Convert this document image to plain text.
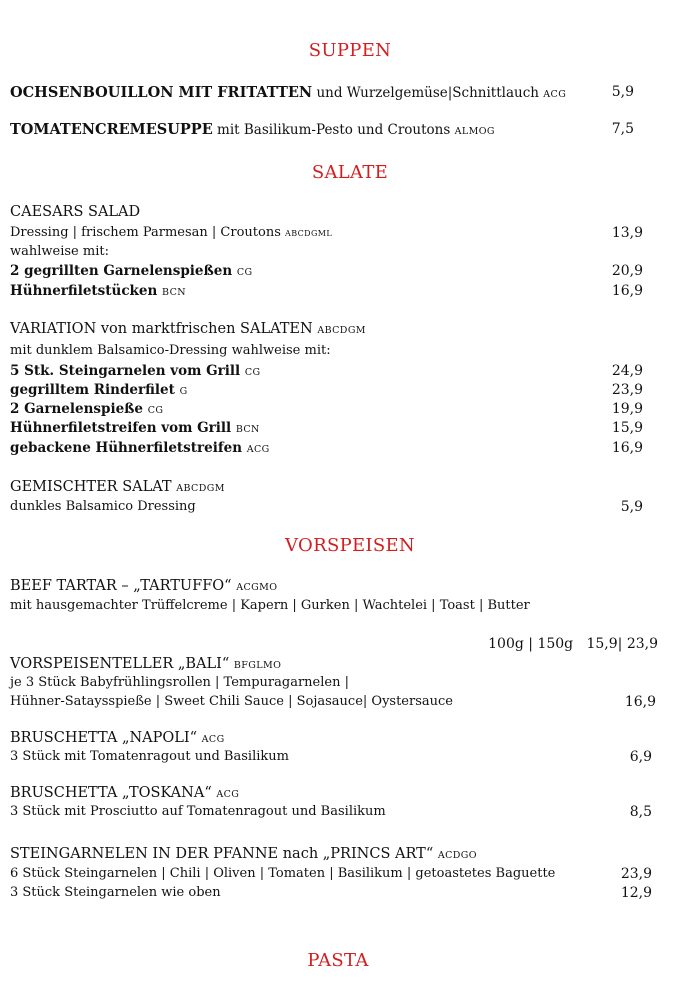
SUPPEN
OCHSENBOUILLON MIT FRITATTEN und Wurzelgemüse|Schnittlauch ACG	5,9
TOMATENCREMESUPPE mit Basilikum-Pesto und Croutons ALMOG	7,5
SALATE
CAESARS SALAD
Dressing | frischem Parmesan | Croutons ABCDGML	13,9
wahlweise mit:
2 gegrillten Garnelenspießen CG	20,9
Hühnerfiletstücken BCN	16,9
VARIATION von marktfrischen SALATEN ABCDGM
mit dunklem Balsamico-Dressing wahlweise mit:
5 Stk. Steingarnelen vom Grill CG	24,9
gegrilltem Rinderfilet G	23,9
2 Garnelenspieße CG	19,9
Hühnerfiletstreifen vom Grill BCN	15,9
gebackene Hühnerfiletstreifen ACG	16,9
GEMISCHTER SALAT ABCDGM
dunkles Balsamico Dressing	5,9
VORSPEISEN
BEEF TARTAR – „TARTUFFO“ ACGMO
mit hausgemachter Trüffelcreme | Kapern | Gurken | Wachtelei | Toast | Butter
100g | 150g   15,9| 23,9
VORSPEISENTELLER „BALI“ BFGLMO
je 3 Stück Babyfrühlingsrollen | Tempuragarnelen |
Hühner-Sataysspieße | Sweet Chili Sauce | Sojasauce| Oystersauce	16,9
BRUSCHETTA „NAPOLI“ ACG
3 Stück mit Tomatenragout und Basilikum	6,9
BRUSCHETTA „TOSKANA“ ACG
3 Stück mit Prosciutto auf Tomatenragout und Basilikum	8,5
STEINGARNELEN IN DER PFANNE nach „PRINCS ART“ ACDGO
6 Stück Steingarnelen | Chili | Oliven | Tomaten | Basilikum | getoastetes Baguette	23,9
3 Stück Steingarnelen wie oben	12,9
PASTA
